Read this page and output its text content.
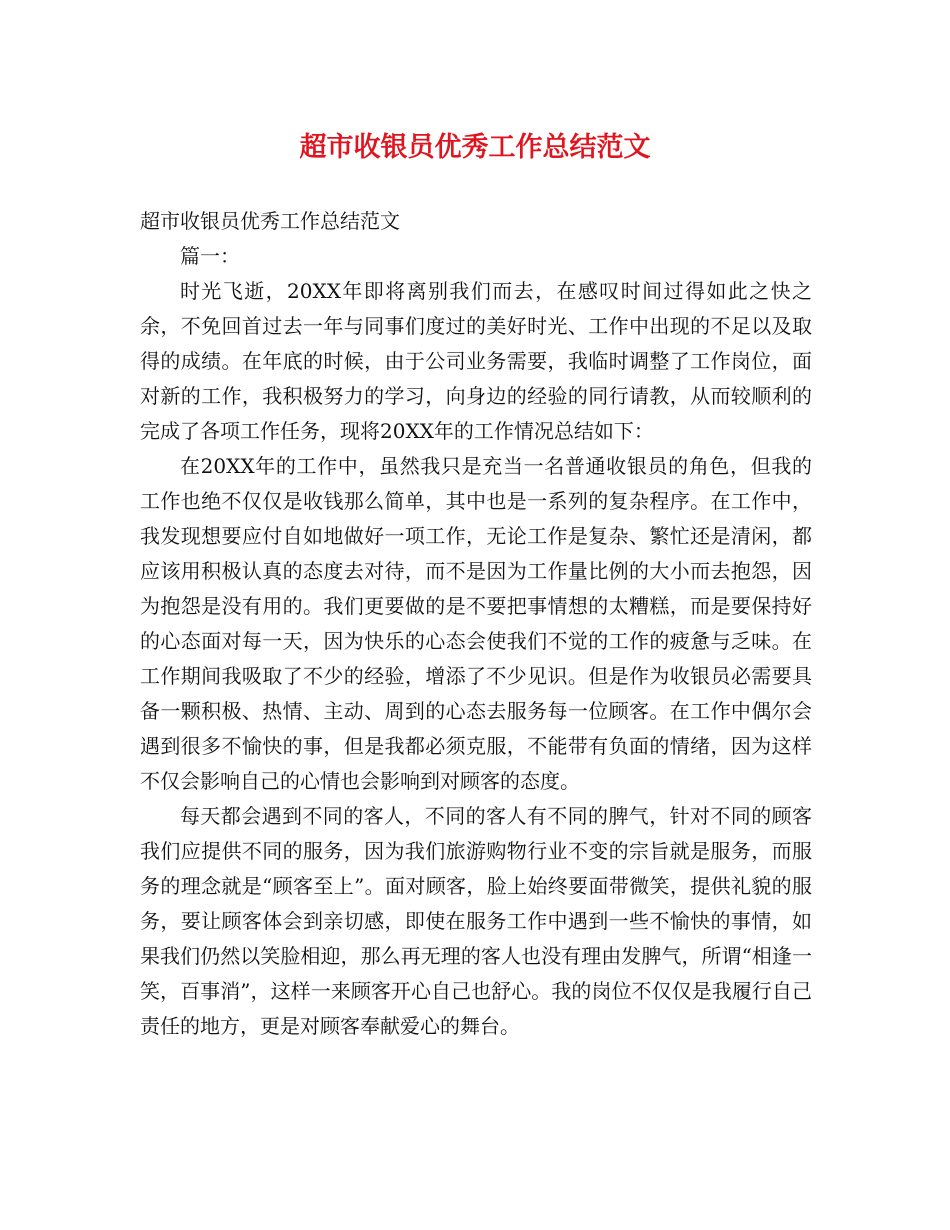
超市收银员优秀工作总结范文

超市收银员优秀工作总结范文

篇一：

时光飞逝，20XX年即将离别我们而去，在感叹时间过得如此之快之余，不免回首过去一年与同事们度过的美好时光、工作中出现的不足以及取得的成绩。在年底的时候，由于公司业务需要，我临时调整了工作岗位，面对新的工作，我积极努力的学习，向身边的经验的同行请教，从而较顺利的完成了各项工作任务，现将20XX年的工作情况总结如下：

在20XX年的工作中，虽然我只是充当一名普通收银员的角色，但我的工作也绝不仅仅是收钱那么简单，其中也是一系列的复杂程序。在工作中，我发现想要应付自如地做好一项工作，无论工作是复杂、繁忙还是清闲，都应该用积极认真的态度去对待，而不是因为工作量比例的大小而去抱怨，因为抱怨是没有用的。我们更要做的是不要把事情想的太糟糕，而是要保持好的心态面对每一天，因为快乐的心态会使我们不觉的工作的疲惫与乏味。在工作期间我吸取了不少的经验，增添了不少见识。但是作为收银员必需要具备一颗积极、热情、主动、周到的心态去服务每一位顾客。在工作中偶尔会遇到很多不愉快的事，但是我都必须克服，不能带有负面的情绪，因为这样不仅会影响自己的心情也会影响到对顾客的态度。

每天都会遇到不同的客人，不同的客人有不同的脾气，针对不同的顾客我们应提供不同的服务，因为我们旅游购物行业不变的宗旨就是服务，而服务的理念就是“顾客至上”。面对顾客，脸上始终要面带微笑，提供礼貌的服务，要让顾客体会到亲切感，即使在服务工作中遇到一些不愉快的事情，如果我们仍然以笑脸相迎，那么再无理的客人也没有理由发脾气，所谓“相逢一笑，百事消”，这样一来顾客开心自己也舒心。我的岗位不仅仅是我履行自己责任的地方，更是对顾客奉献爱心的舞台。
